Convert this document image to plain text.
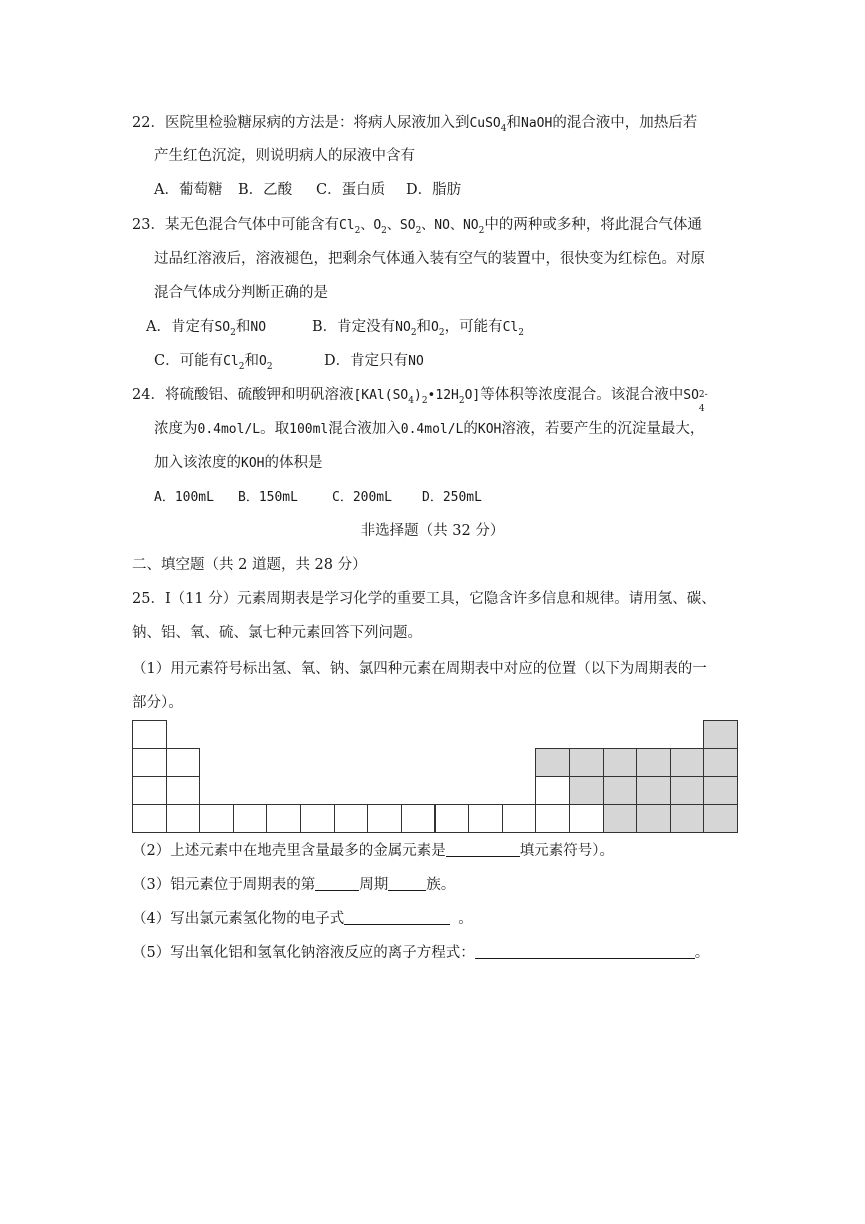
22．医院里检验糖尿病的方法是：将病人尿液加入到CuSO$_4$和NaOH的混合液中，加热后若
产生红色沉淀，则说明病人的尿液中含有
A．葡萄糖 B．乙酸 C．蛋白质 D．脂肪
23．某无色混合气体中可能含有$Cl_2$、$O_2$、$SO_2$、NO、$NO_2$中的两种或多种，将此混合气体通
过品红溶液后，溶液褪色，把剩余气体通入装有空气的装置中，很快变为红棕色。对原
混合气体成分判断正确的是
A．肯定有$SO_2$和NO	B．肯定没有$NO_2$和$O_2$，可能有$Cl_2$
C．可能有$Cl_2$和$O_2$	D．肯定只有NO
24．将硫酸铝、硫酸钾和明矾溶液$[KAl(SO_4)_2•12H_2O]$等体积等浓度混合。该混合液中SO 2-
4
浓度为0.4mol/L。取100ml混合液加入0.4mol/L的KOH溶液，若要产生的沉淀量最大，
加入该浓度的KOH的体积是
A．100mL B．150mL	C．200mL D．250mL
非选择题（共 32 分）
二、填空题（共 2 道题，共 28 分）
25．Ⅰ（11 分）元素周期表是学习化学的重要工具，它隐含许多信息和规律。请用氢、碳、
钠、铝、氧、硫、氯七种元素回答下列问题。
（1）用元素符号标出氢、氧、钠、氯四种元素在周期表中对应的位置（以下为周期表的一
部分）。
（2）上述元素中在地壳里含量最多的金属元素是	填元素符号）。
（3）铝元素位于周期表的第	周期	族。
（4）写出氯元素氢化物的电子式	。
（5）写出氧化铝和氢氧化钠溶液反应的离子方程式：	。
